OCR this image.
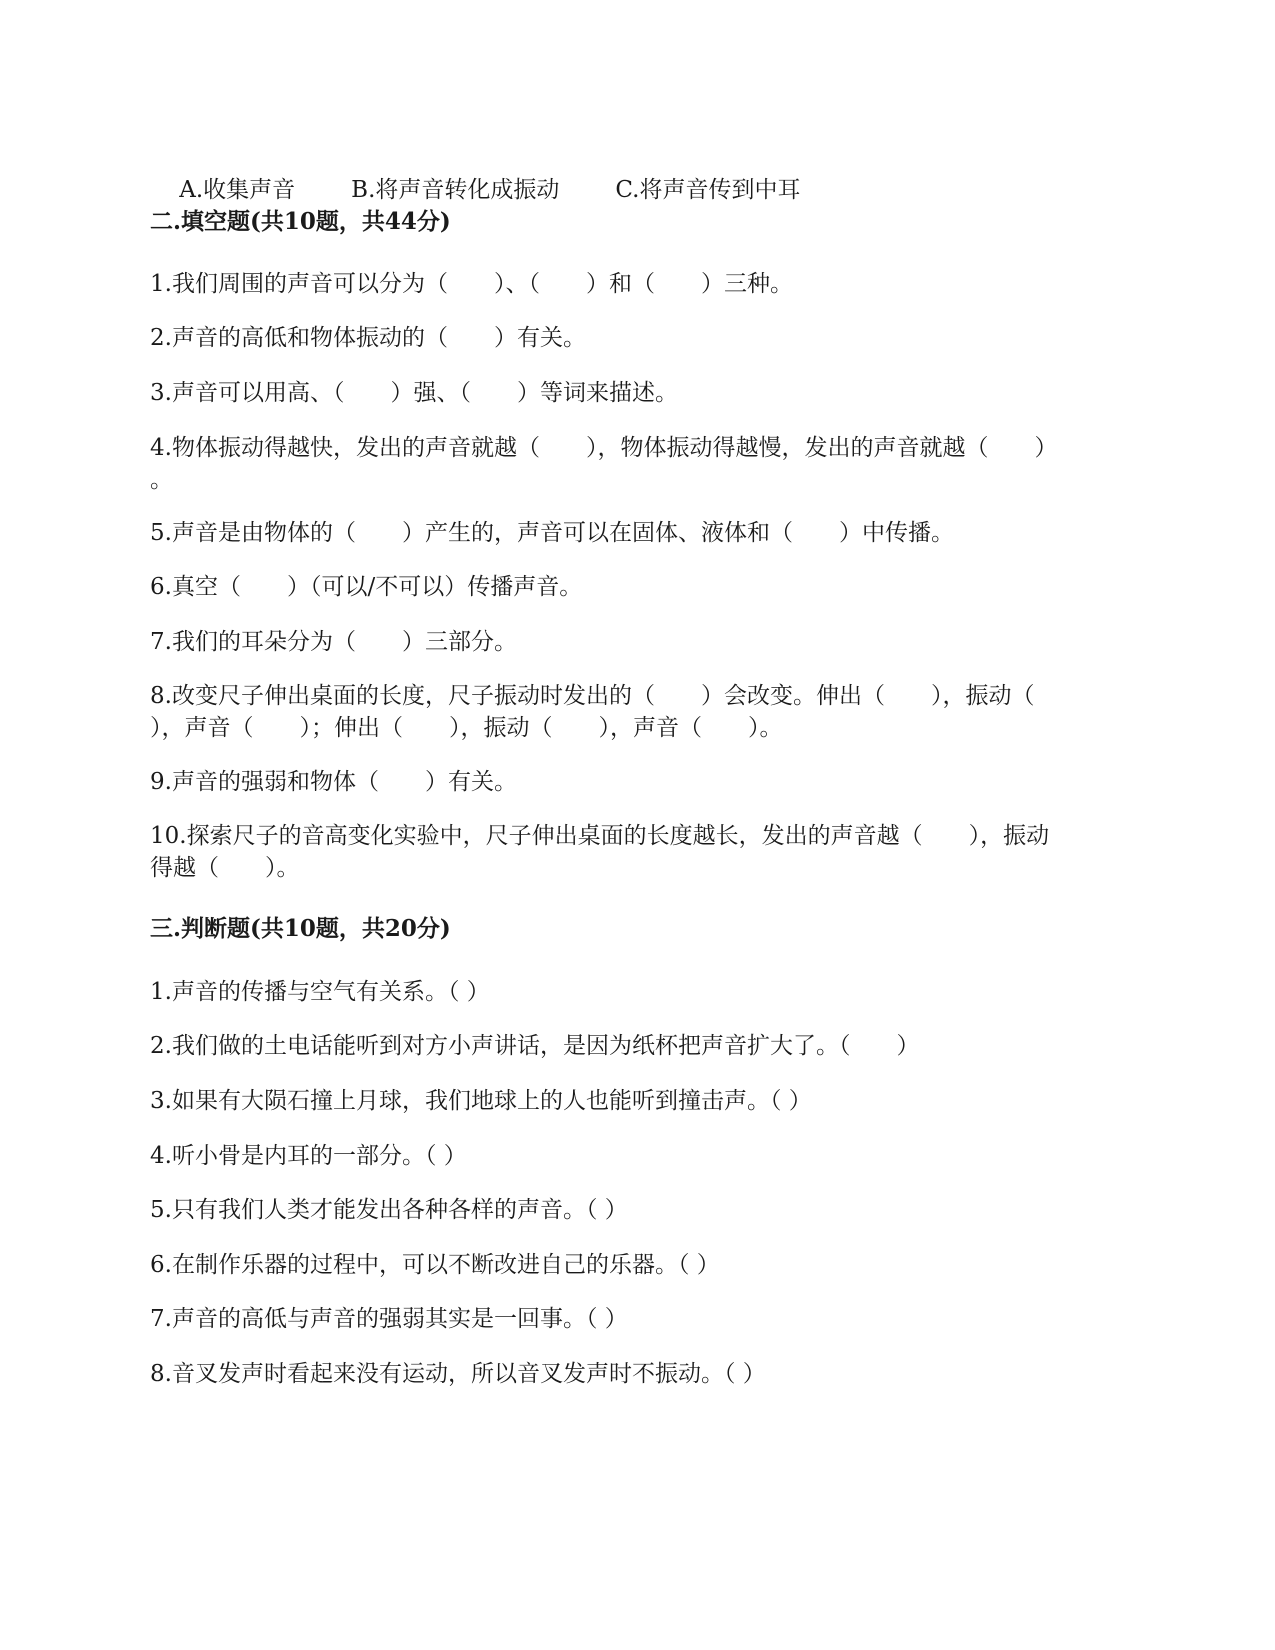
A.收集声音 B.将声音转化成振动 C.将声音传到中耳

二.填空题(共10题，共44分)
1.我们周围的声音可以分为（　　）、（　　）和（　　）三种。
2.声音的高低和物体振动的（　　）有关。
3.声音可以用高、（　　）强、（　　）等词来描述。
4.物体振动得越快，发出的声音就越（　　），物体振动得越慢，发出的声音就越（　　）
。
5.声音是由物体的（　　）产生的，声音可以在固体、液体和（　　）中传播。
6.真空（　　）（可以/不可以）传播声音。
7.我们的耳朵分为（　　）三部分。
8.改变尺子伸出桌面的长度，尺子振动时发出的（　　）会改变。伸出（　　），振动（
），声音（　　）；伸出（　　），振动（　　），声音（　　）。
9.声音的强弱和物体（　　）有关。
10.探索尺子的音高变化实验中，尺子伸出桌面的长度越长，发出的声音越（　　），振动
得越（　　）。
三.判断题(共10题，共20分)
1.声音的传播与空气有关系。（ ）
2.我们做的土电话能听到对方小声讲话，是因为纸杯把声音扩大了。（　　）
3.如果有大陨石撞上月球，我们地球上的人也能听到撞击声。（ ）
4.听小骨是内耳的一部分。（ ）
5.只有我们人类才能发出各种各样的声音。（ ）
6.在制作乐器的过程中，可以不断改进自己的乐器。（ ）
7.声音的高低与声音的强弱其实是一回事。（ ）
8.音叉发声时看起来没有运动，所以音叉发声时不振动。（ ）
